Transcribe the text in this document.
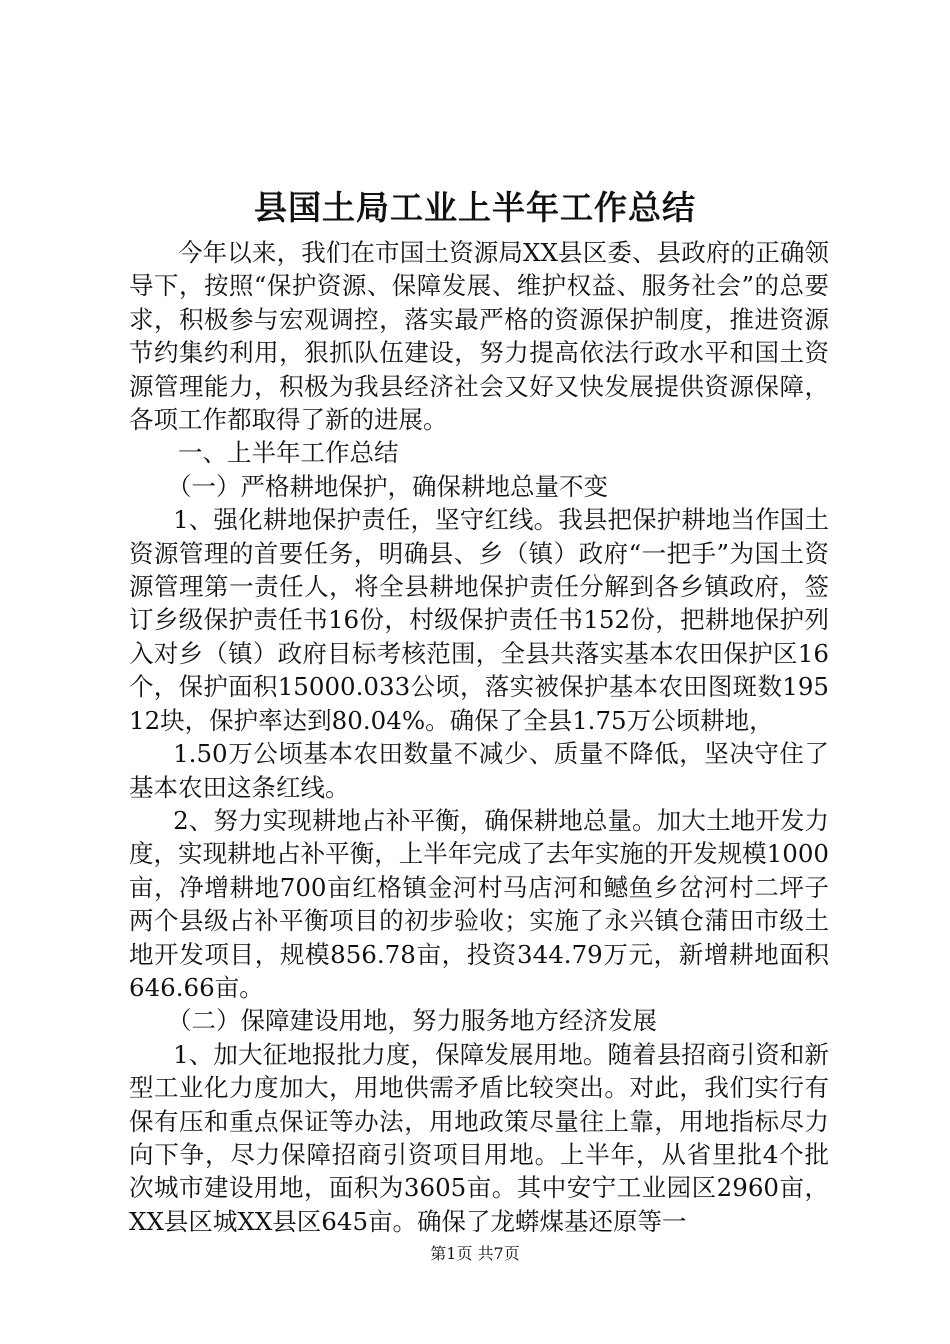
县国土局工业上半年工作总结

今年以来，我们在市国土资源局XX县区委、县政府的正确领导下，按照“保护资源、保障发展、维护权益、服务社会”的总要求，积极参与宏观调控，落实最严格的资源保护制度，推进资源节约集约利用，狠抓队伍建设，努力提高依法行政水平和国土资源管理能力，积极为我县经济社会又好又快发展提供资源保障，各项工作都取得了新的进展。

一、上半年工作总结

（一）严格耕地保护，确保耕地总量不变

1、强化耕地保护责任，坚守红线。我县把保护耕地当作国土资源管理的首要任务，明确县、乡（镇）政府“一把手”为国土资源管理第一责任人，将全县耕地保护责任分解到各乡镇政府，签订乡级保护责任书16份，村级保护责任书152份，把耕地保护列入对乡（镇）政府目标考核范围，全县共落实基本农田保护区16个，保护面积15000.033公顷，落实被保护基本农田图斑数19512块，保护率达到80.04%。确保了全县1.75万公顷耕地，

1.50万公顷基本农田数量不减少、质量不降低，坚决守住了基本农田这条红线。

2、努力实现耕地占补平衡，确保耕地总量。加大土地开发力度，实现耕地占补平衡，上半年完成了去年实施的开发规模1000亩，净增耕地700亩红格镇金河村马店河和鳡鱼乡岔河村二坪子两个县级占补平衡项目的初步验收；实施了永兴镇仓蒲田市级土地开发项目，规模856.78亩，投资344.79万元，新增耕地面积646.66亩。

（二）保障建设用地，努力服务地方经济发展

1、加大征地报批力度，保障发展用地。随着县招商引资和新型工业化力度加大，用地供需矛盾比较突出。对此，我们实行有保有压和重点保证等办法，用地政策尽量往上靠，用地指标尽力向下争，尽力保障招商引资项目用地。上半年，从省里批4个批次城市建设用地，面积为3605亩。其中安宁工业园区2960亩，XX县区城XX县区645亩。确保了龙蟒煤基还原等一

第1页 共7页
